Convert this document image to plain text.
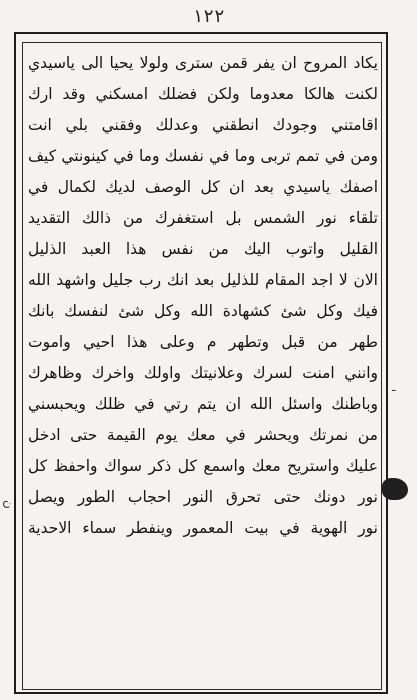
١٢٢
يكاد المروح ان يفر قمن سترى ولولا يحيا الى ياسيدي
لكنت هالكا معدوما ولكن فضلك امسكني وقد ارك
اقامتني وجودك انطقني وعدلك وفقني بلي انت
ومن في تمم تربى وما في نفسك وما في كينونتي كيف
اصفك ياسيدي بعد ان كل الوصف لديك لكمال في
تلقاء نور الشمس بل استغفرك من ذالك التقديد
القليل واتوب اليك من نفس هذا العبد الذليل
الان لا اجد المقام للذليل بعد انك رب جليل واشهد الله
فيك وكل شئ كشهادة الله وكل شئ لنفسك بانك
طهر من قبل وتطهر م وعلى هذا احيي واموت
وانني امنت لسرك وعلانيتك واولك واخرك وظاهرك
وباطنك واسئل الله ان يتم رتي في ظلك ويحبسني
من نمرتك ويحشر في معك يوم القيمة حتى ادخل
عليك واستريح معك واسمع كل ذكر سواك واحفظ كل
نور دونك حتى تحرق النور احجاب الطور ويصل
نور الهوية في بيت المعمور وينفطر سماء الاحدية
ن
ـ
